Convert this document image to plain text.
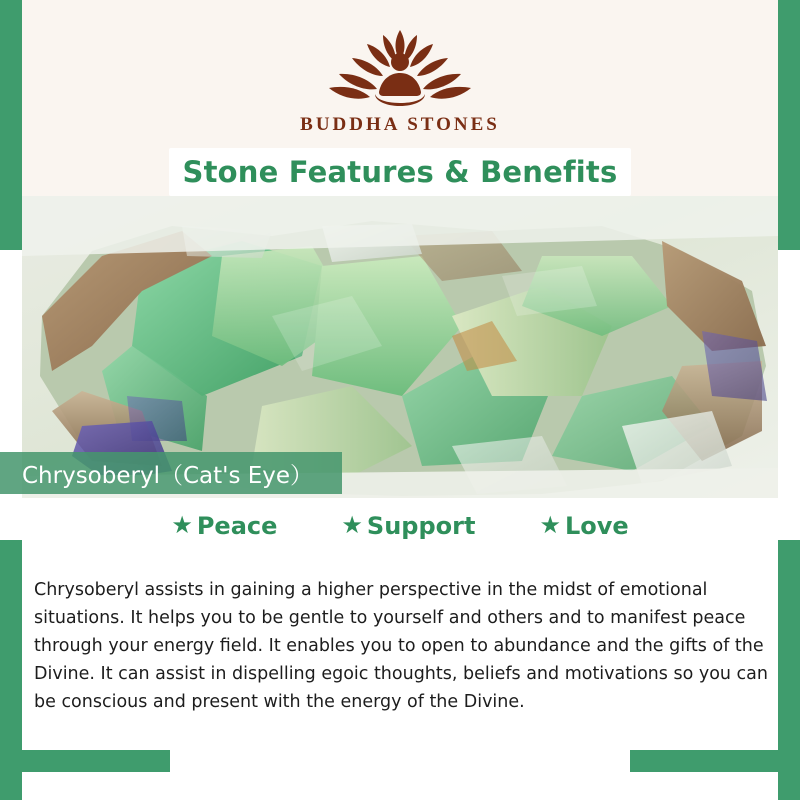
BUDDHA STONES
Stone Features & Benefits
Chrysoberyl（Cat's Eye）
★ Peace	★ Support	★ Love

Chrysoberyl assists in gaining a higher perspective in the midst of emotional situations. It helps you to be gentle to yourself and others and to manifest peace through your energy field. It enables you to open to abundance and the gifts of the Divine. It can assist in dispelling egoic thoughts, beliefs and motivations so you can be conscious and present with the energy of the Divine.
